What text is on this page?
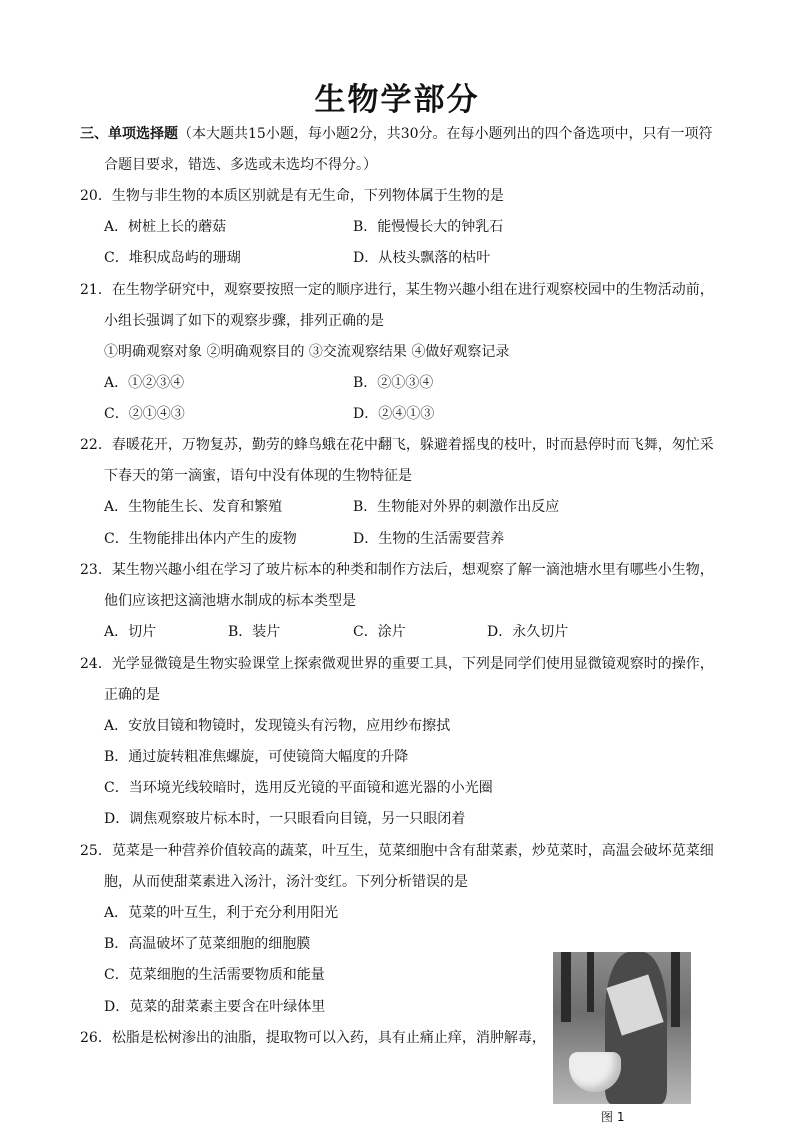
生物学部分
三、单项选择题（本大题共15小题，每小题2分，共30分。在每小题列出的四个备选项中，只有一项符
合题目要求，错选、多选或未选均不得分。）
20．生物与非生物的本质区别就是有无生命，下列物体属于生物的是
A．树桩上长的蘑菇	B．能慢慢长大的钟乳石
C．堆积成岛屿的珊瑚	D．从枝头飘落的枯叶
21．在生物学研究中，观察要按照一定的顺序进行，某生物兴趣小组在进行观察校园中的生物活动前，
小组长强调了如下的观察步骤，排列正确的是
①明确观察对象 ②明确观察目的 ③交流观察结果 ④做好观察记录
A．①②③④	B．②①③④
C．②①④③	D．②④①③
22．春暖花开，万物复苏，勤劳的蜂鸟蛾在花中翻飞，躲避着摇曳的枝叶，时而悬停时而飞舞，匆忙采
下春天的第一滴蜜，语句中没有体现的生物特征是
A．生物能生长、发育和繁殖	B．生物能对外界的刺激作出反应
C．生物能排出体内产生的废物	D．生物的生活需要营养
23．某生物兴趣小组在学习了玻片标本的种类和制作方法后，想观察了解一滴池塘水里有哪些小生物，
他们应该把这滴池塘水制成的标本类型是
A．切片	B．装片	C．涂片	D．永久切片
24．光学显微镜是生物实验课堂上探索微观世界的重要工具，下列是同学们使用显微镜观察时的操作，
正确的是
A．安放目镜和物镜时，发现镜头有污物，应用纱布擦拭
B．通过旋转粗准焦螺旋，可使镜筒大幅度的升降
C．当环境光线较暗时，选用反光镜的平面镜和遮光器的小光圈
D．调焦观察玻片标本时，一只眼看向目镜，另一只眼闭着
25．苋菜是一种营养价值较高的蔬菜，叶互生，苋菜细胞中含有甜菜素，炒苋菜时，高温会破坏苋菜细
胞，从而使甜菜素进入汤汁，汤汁变红。下列分析错误的是
A．苋菜的叶互生，利于充分利用阳光
B．高温破坏了苋菜细胞的细胞膜
C．苋菜细胞的生活需要物质和能量
D．苋菜的甜菜素主要含在叶绿体里
26．松脂是松树渗出的油脂，提取物可以入药，具有止痛止痒，消肿解毒，
图 1
